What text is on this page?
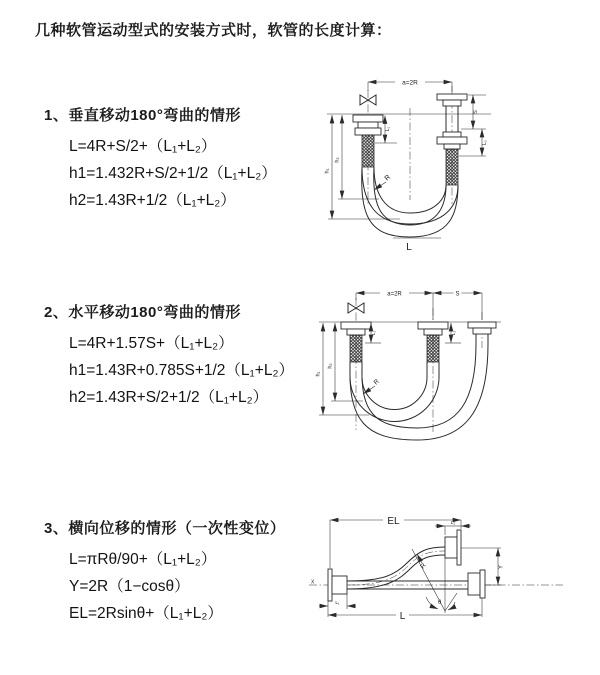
几种软管运动型式的安装方式时，软管的长度计算：
1、垂直移动180°弯曲的情形
L=4R+S/2+（L₁+L₂）
h1=1.432R+S/2+1/2（L₁+L₂）
h2=1.43R+1/2（L₁+L₂）
2、水平移动180°弯曲的情形
L=4R+1.57S+（L₁+L₂）
h1=1.43R+0.785S+1/2（L₁+L₂）
h2=1.43R+S/2+1/2（L₁+L₂）
3、横向位移的情形（一次性变位）
L=πRθ/90+（L₁+L₂）
Y=2R（1−cosθ）
EL=2Rsinθ+（L₁+L₂）
a=2R
L₁
S
L₂
h₁
h₂
R
L
a=2R	S
L₁	L₂
h₁
h₂
R
X
θ
R
EL	L₂
Y
L₁
L
